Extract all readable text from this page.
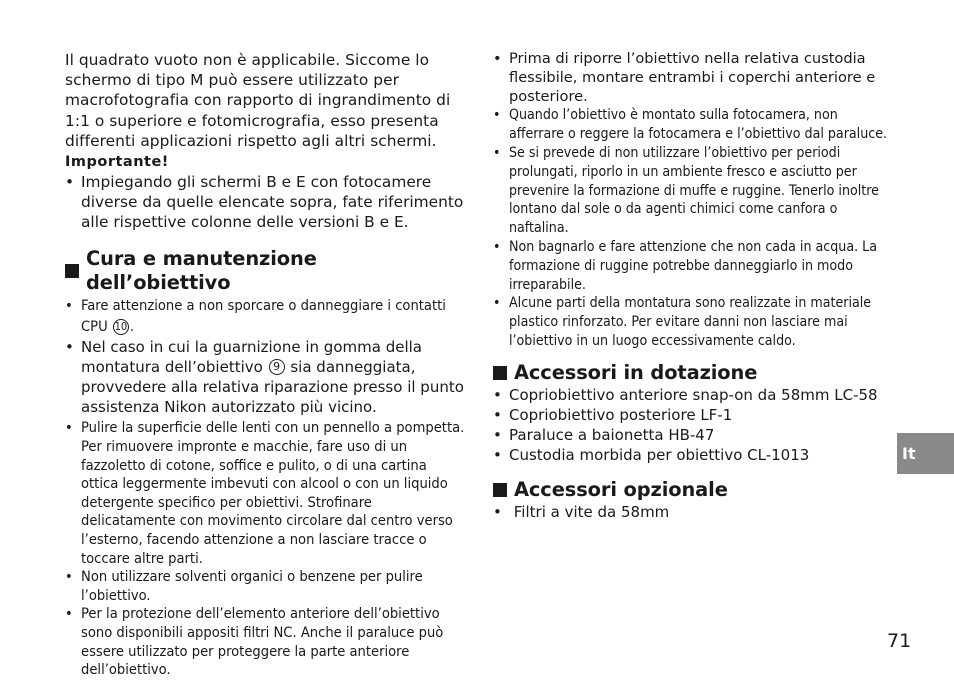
Il quadrato vuoto non è applicabile. Siccome lo schermo di tipo M può essere utilizzato per macrofotografia con rapporto di ingrandimento di 1:1 o superiore e fotomicrografia, esso presenta differenti applicazioni rispetto agli altri schermi.

Importante!

• Impiegando gli schermi B e E con fotocamere diverse da quelle elencate sopra, fate riferimento alle rispettive colonne delle versioni B e E.
Cura e manutenzione dell’obiettivo
• Fare attenzione a non sporcare o danneggiare i contatti CPU 10 .
• Nel caso in cui la guarnizione in gomma della montatura dell’obiettivo 9 sia danneggiata, provvedere alla relativa riparazione presso il punto assistenza Nikon autorizzato più vicino.
• Pulire la superficie delle lenti con un pennello a pompetta. Per rimuovere impronte e macchie, fare uso di un fazzoletto di cotone, soffice e pulito, o di una cartina ottica leggermente imbevuti con alcool o con un liquido detergente specifico per obiettivi. Strofinare delicatamente con movimento circolare dal centro verso l’esterno, facendo attenzione a non lasciare tracce o toccare altre parti.
• Non utilizzare solventi organici o benzene per pulire l’obiettivo.
• Per la protezione dell’elemento anteriore dell’obiettivo sono disponibili appositi filtri NC. Anche il paraluce può essere utilizzato per proteggere la parte anteriore dell’obiettivo.
• Prima di riporre l’obiettivo nella relativa custodia flessibile, montare entrambi i coperchi anteriore e posteriore.
• Quando l’obiettivo è montato sulla fotocamera, non afferrare o reggere la fotocamera e l’obiettivo dal paraluce.
• Se si prevede di non utilizzare l’obiettivo per periodi prolungati, riporlo in un ambiente fresco e asciutto per prevenire la formazione di muffe e ruggine. Tenerlo inoltre lontano dal sole o da agenti chimici come canfora o naftalina.
• Non bagnarlo e fare attenzione che non cada in acqua. La formazione di ruggine potrebbe danneggiarlo in modo irreparabile.
• Alcune parti della montatura sono realizzate in materiale plastico rinforzato. Per evitare danni non lasciare mai l’obiettivo in un luogo eccessivamente caldo.
Accessori in dotazione
• Copriobiettivo anteriore snap-on da 58mm LC-58
• Copriobiettivo posteriore LF-1
• Paraluce a baionetta HB-47
• Custodia morbida per obiettivo CL-1013
Accessori opzionale
•  Filtri a vite da 58mm
It
71
